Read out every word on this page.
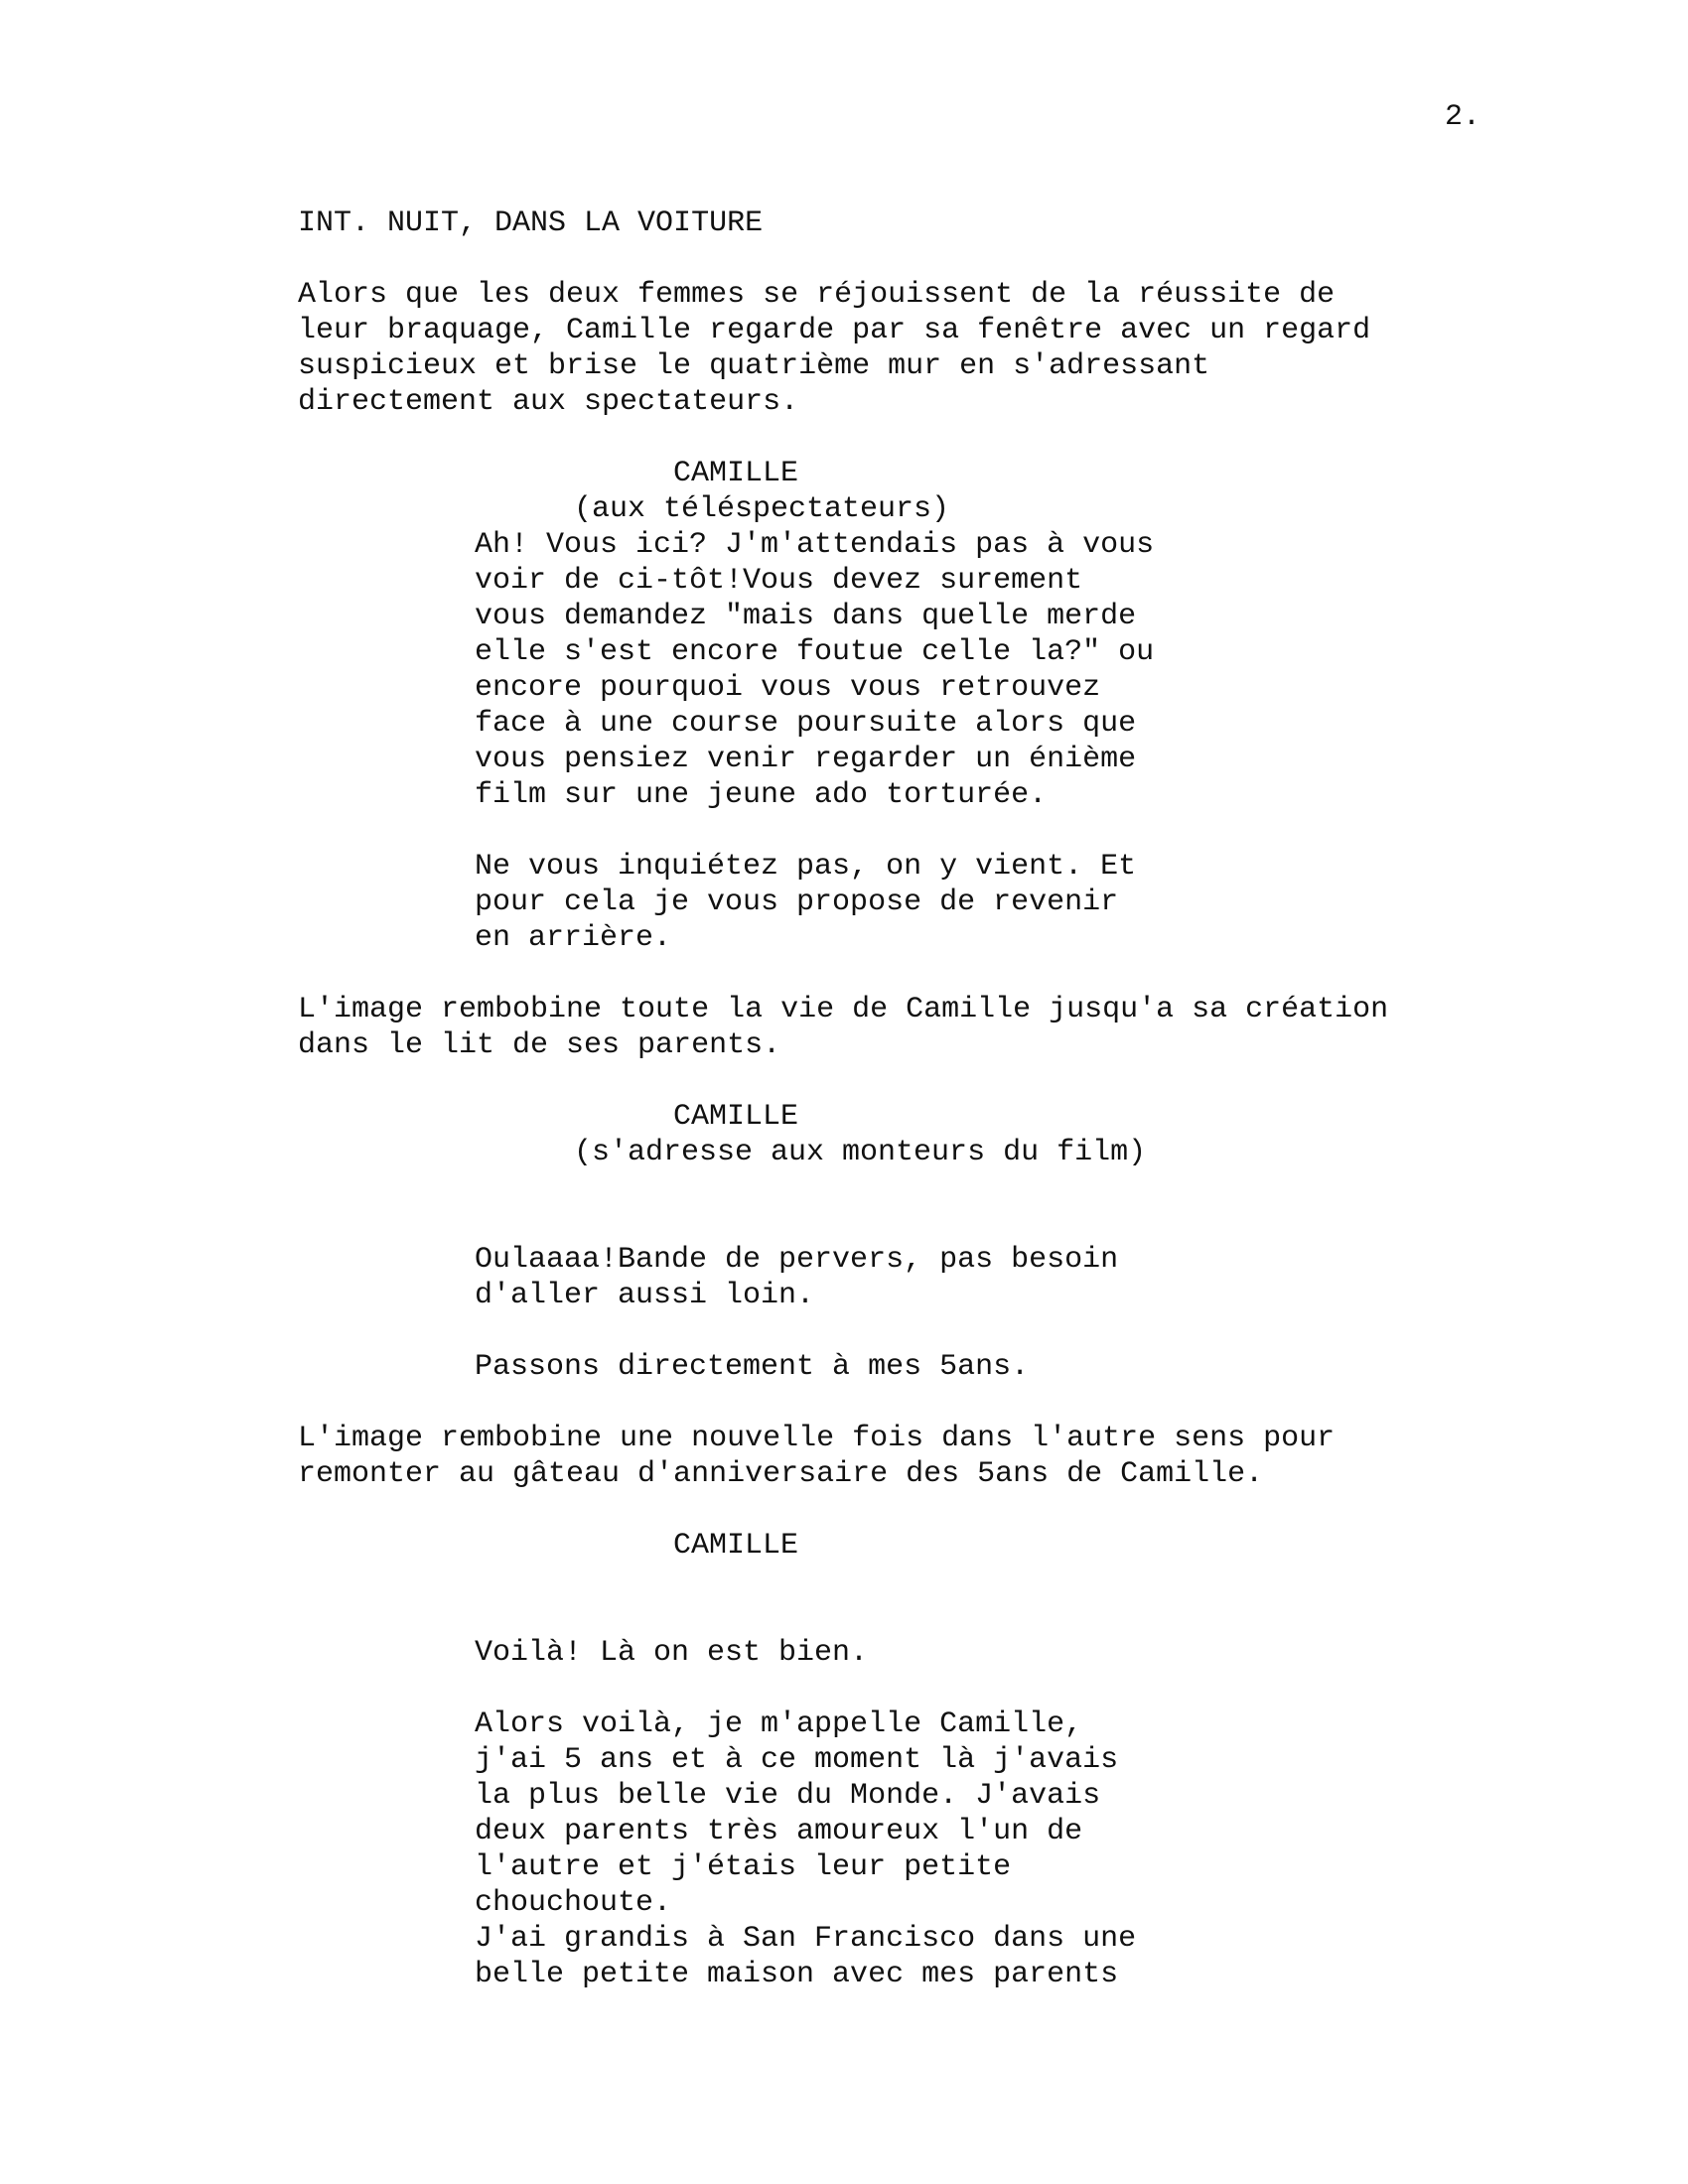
2.
INT. NUIT, DANS LA VOITURE
Alors que les deux femmes se réjouissent de la réussite de
leur braquage, Camille regarde par sa fenêtre avec un regard
suspicieux et brise le quatrième mur en s'adressant
directement aux spectateurs.
CAMILLE
(aux téléspectateurs)
Ah! Vous ici? J'm'attendais pas à vous
voir de ci-tôt!Vous devez surement
vous demandez "mais dans quelle merde
elle s'est encore foutue celle la?" ou
encore pourquoi vous vous retrouvez
face à une course poursuite alors que
vous pensiez venir regarder un énième
film sur une jeune ado torturée.
Ne vous inquiétez pas, on y vient. Et
pour cela je vous propose de revenir
en arrière.
L'image rembobine toute la vie de Camille jusqu'a sa création
dans le lit de ses parents.
CAMILLE
(s'adresse aux monteurs du film)
Oulaaaa!Bande de pervers, pas besoin
d'aller aussi loin.
Passons directement à mes 5ans.
L'image rembobine une nouvelle fois dans l'autre sens pour
remonter au gâteau d'anniversaire des 5ans de Camille.
CAMILLE
Voilà! Là on est bien.
Alors voilà, je m'appelle Camille,
j'ai 5 ans et à ce moment là j'avais
la plus belle vie du Monde. J'avais
deux parents très amoureux l'un de
l'autre et j'étais leur petite
chouchoute.
J'ai grandis à San Francisco dans une
belle petite maison avec mes parents
